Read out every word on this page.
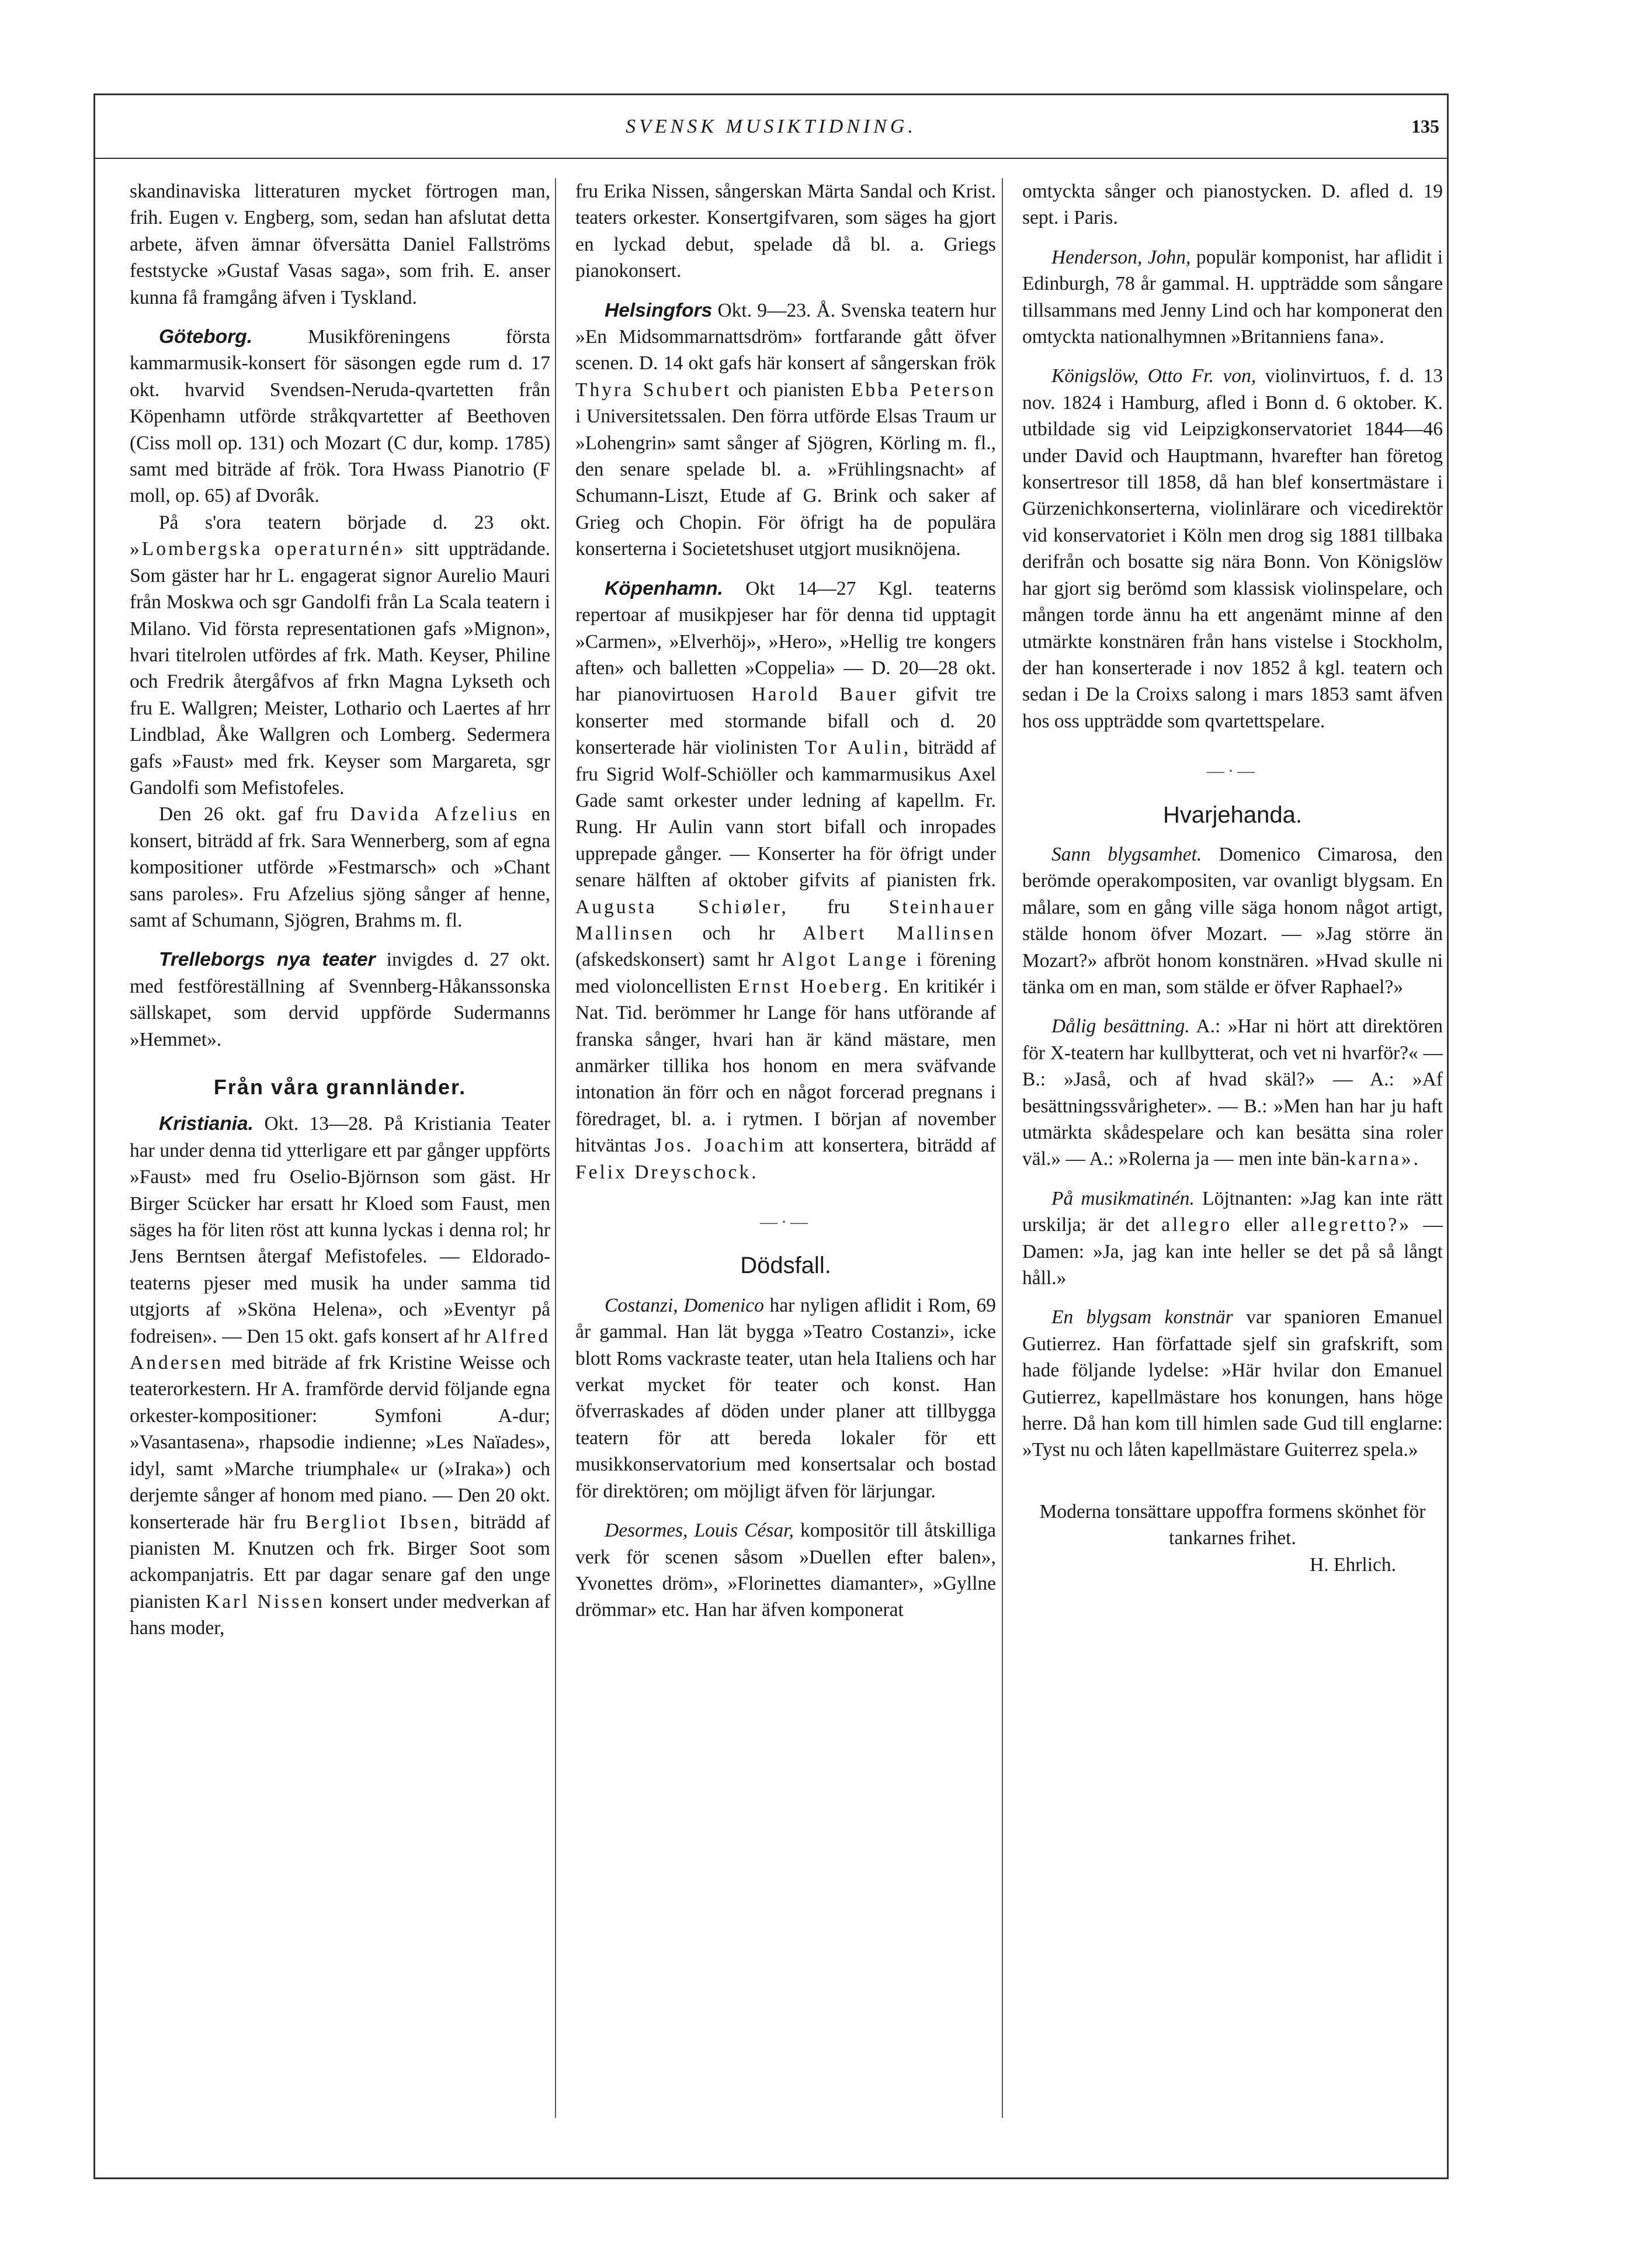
SVENSK MUSIKTIDNING.	135

skandinaviska litteraturen mycket förtrogen man, frih. Eugen v. Engberg, som, sedan han afslutat detta arbete, äfven ämnar öfversätta Daniel Fallströms feststycke »Gustaf Vasas saga», som frih. E. anser kunna få framgång äfven i Tyskland.

Göteborg.	Musikföreningens första kammarmusik-konsert för säsongen egde rum d. 17 okt. hvarvid Svendsen-Neruda-qvartetten från Köpenhamn utförde stråkqvartetter af Beethoven (Ciss moll op. 131) och Mozart (C dur, komp. 1785) samt med biträde af frök. Tora Hwass Pianotrio (F moll, op. 65) af Dvorâk.

På s'ora teatern började d. 23 okt. »Lombergska operaturnén» sitt uppträdande. Som gäster har hr L. engagerat signor Aurelio Mauri från Moskwa och sgr Gandolfi från La Scala teatern i Milano. Vid första representationen gafs »Mignon», hvari titelrolen utfördes af frk. Math. Keyser, Philine och Fredrik återgåfvos af frkn Magna Lykseth och fru E. Wallgren; Meister, Lothario och Laertes af hrr Lindblad, Åke Wallgren och Lomberg. Sedermera gafs »Faust» med frk. Keyser som Margareta, sgr Gandolfi som Mefistofeles.

Den 26 okt. gaf fru Davida Afzelius en konsert, biträdd af frk. Sara Wennerberg, som af egna kompositioner utförde »Festmarsch» och »Chant sans paroles». Fru Afzelius sjöng sånger af henne, samt af Schumann, Sjögren, Brahms m. fl.

Trelleborgs nya teater invigdes d. 27 okt. med festföreställning af Svennberg-Håkanssonska sällskapet, som dervid uppförde Sudermanns »Hemmet».

Från våra grannländer.

Kristiania. Okt. 13—28. På Kristiania Teater har under denna tid ytterligare ett par gånger uppförts »Faust» med fru Oselio-Björnson som gäst. Hr Birger Scücker har ersatt hr Kloed som Faust, men säges ha för liten röst att kunna lyckas i denna rol; hr Jens Berntsen återgaf Mefistofeles. — Eldorado-teaterns pjeser med musik ha under samma tid utgjorts af »Sköna Helena», och »Eventyr på fodreisen». — Den 15 okt. gafs konsert af hr Alfred Andersen med biträde af frk Kristine Weisse och teaterorkestern. Hr A. framförde dervid följande egna orkester-kompositioner: Symfoni A-dur; »Vasantasena», rhapsodie indienne; »Les Naïades», idyl, samt »Marche triumphale« ur (»Iraka») och derjemte sånger af honom med piano. — Den 20 okt. konserterade här fru Bergliot Ibsen, biträdd af pianisten M. Knutzen och frk. Birger Soot som ackompanjatris. Ett par dagar senare gaf den unge pianisten Karl Nissen konsert under medverkan af hans moder,

fru Erika Nissen, sångerskan Märta Sandal och Krist. teaters orkester. Konsertgifvaren, som säges ha gjort en lyckad debut, spelade då bl. a. Griegs pianokonsert.

Helsingfors Okt. 9—23. Å. Svenska teatern hur »En Midsommarnattsdröm» fortfarande gått öfver scenen. D. 14 okt gafs här konsert af sångerskan frök Thyra Schubert och pianisten Ebba Peterson i Universitetssalen. Den förra utförde Elsas Traum ur »Lohengrin» samt sånger af Sjögren, Körling m. fl., den senare spelade bl. a. »Frühlingsnacht» af Schumann-Liszt, Etude af G. Brink och saker af Grieg och Chopin. För öfrigt ha de populära konserterna i Societetshuset utgjort musiknöjena.

Köpenhamn. Okt 14—27 Kgl. teaterns repertoar af musikpjeser har för denna tid upptagit »Carmen», »Elverhöj», »Hero», »Hellig tre kongers aften» och balletten »Coppelia» — D. 20—28 okt. har pianovirtuosen Harold Bauer gifvit tre konserter med stormande bifall och d. 20 konserterade här violinisten Tor Aulin, biträdd af fru Sigrid Wolf-Schiöller och kammarmusikus Axel Gade samt orkester under ledning af kapellm. Fr. Rung. Hr Aulin vann stort bifall och inropades upprepade gånger. — Konserter ha för öfrigt under senare hälften af oktober gifvits af pianisten frk. Augusta Schiøler, fru Steinhauer Mallinsen och hr Albert Mallinsen (afskedskonsert) samt hr Algot Lange i förening med violoncellisten Ernst Hoeberg. En kritikér i Nat. Tid. berömmer hr Lange för hans utförande af franska sånger, hvari han är känd mästare, men anmärker tillika hos honom en mera sväfvande intonation än förr och en något forcerad pregnans i föredraget, bl. a. i rytmen. I början af november hitväntas Jos. Joachim att konsertera, biträdd af Felix Dreyschock.

—·—
Dödsfall.

Costanzi, Domenico har nyligen aflidit i Rom, 69 år gammal. Han lät bygga »Teatro Costanzi», icke blott Roms vackraste teater, utan hela Italiens och har verkat mycket för teater och konst. Han öfverraskades af döden under planer att tillbygga teatern för att bereda lokaler för ett musikkonservatorium med konsertsalar och bostad för direktören; om möjligt äfven för lärjungar.

Desormes, Louis César, kompositör till åtskilliga verk för scenen såsom »Duellen efter balen», Yvonettes dröm», »Florinettes diamanter», »Gyllne drömmar» etc. Han har äfven komponerat

omtyckta sånger och pianostycken. D. afled d. 19 sept. i Paris.

Henderson, John, populär komponist, har aflidit i Edinburgh, 78 år gammal. H. uppträdde som sångare tillsammans med Jenny Lind och har komponerat den omtyckta nationalhymnen »Britanniens fana».

Königslöw, Otto Fr. von, violinvirtuos, f. d. 13 nov. 1824 i Hamburg, afled i Bonn d. 6 oktober. K. utbildade sig vid Leipzigkonservatoriet 1844—46 under David och Hauptmann, hvarefter han företog konsertresor till 1858, då han blef konsertmästare i Gürzenichkonserterna, violinlärare och vicedirektör vid konservatoriet i Köln men drog sig 1881 tillbaka derifrån och bosatte sig nära Bonn. Von Königslöw har gjort sig berömd som klassisk violinspelare, och mången torde ännu ha ett angenämt minne af den utmärkte konstnären från hans vistelse i Stockholm, der han konserterade i nov 1852 å kgl. teatern och sedan i De la Croixs salong i mars 1853 samt äfven hos oss uppträdde som qvartettspelare.

—·—
Hvarjehanda.

Sann blygsamhet. Domenico Cimarosa, den berömde operakompositen, var ovanligt blygsam. En målare, som en gång ville säga honom något artigt, stälde honom öfver Mozart. — »Jag större än Mozart?» afbröt honom konstnären. »Hvad skulle ni tänka om en man, som stälde er öfver Raphael?»

Dålig besättning. A.: »Har ni hört att direktören för X-teatern har kullbytterat, och vet ni hvarför?« — B.: »Jaså, och af hvad skäl?» — A.: »Af besättningssvårigheter». — B.: »Men han har ju haft utmärkta skådespelare och kan besätta sina roler väl.» — A.: »Rolerna ja — men inte bän-karna».

På musikmatinén. Löjtnanten: »Jag kan inte rätt urskilja; är det allegro eller allegretto?» — Damen: »Ja, jag kan inte heller se det på så långt håll.»

En blygsam konstnär var spanioren Emanuel Gutierrez. Han författade sjelf sin grafskrift, som hade följande lydelse: »Här hvilar don Emanuel Gutierrez, kapellmästare hos konungen, hans höge herre. Då han kom till himlen sade Gud till englarne: »Tyst nu och låten kapellmästare Guiterrez spela.»

Moderna tonsättare uppoffra formens skönhet för tankarnes frihet.

H. Ehrlich.
